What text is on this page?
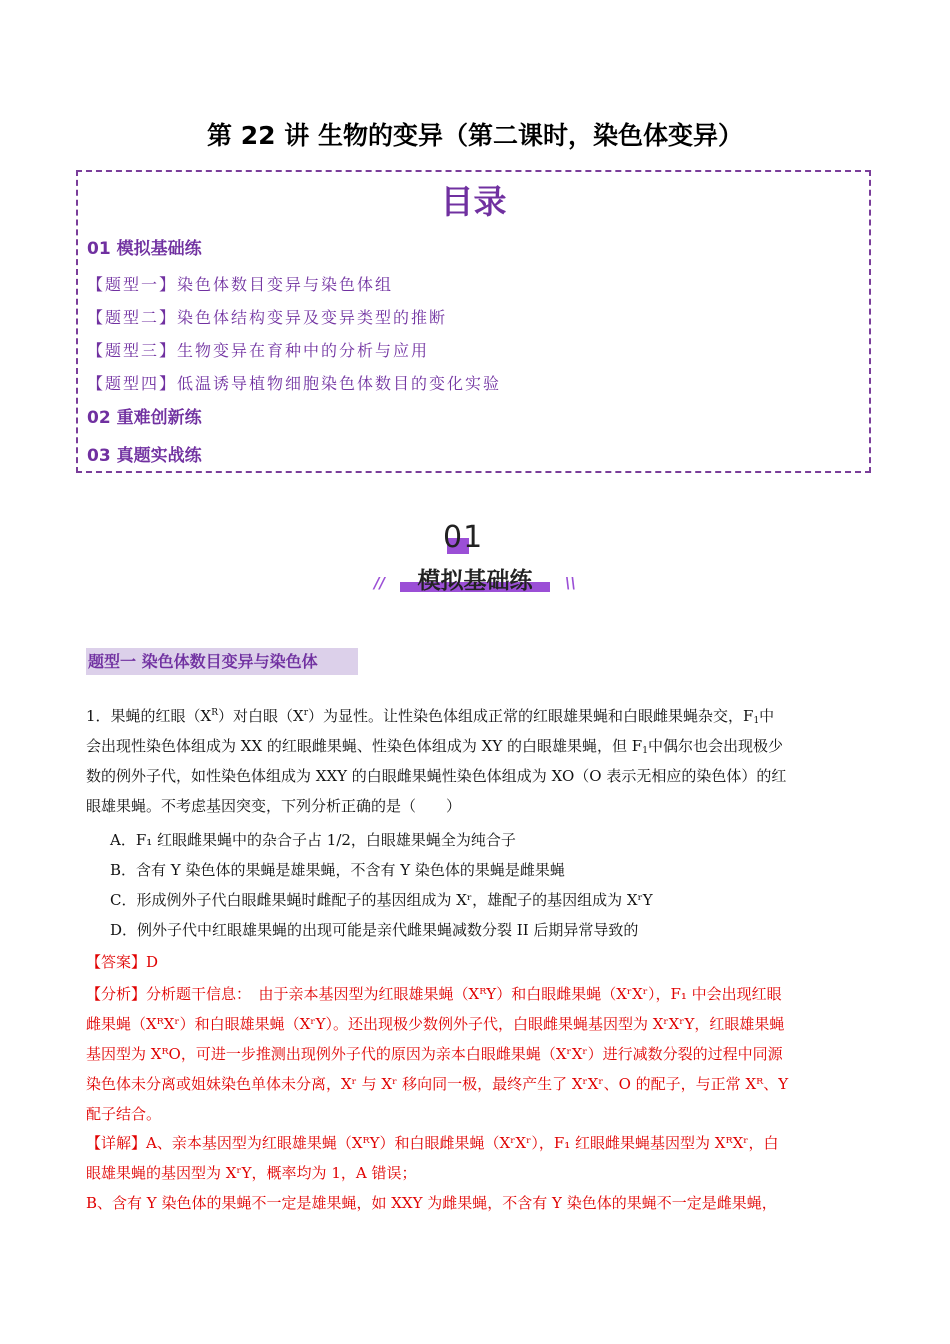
第 22 讲 生物的变异（第二课时，染色体变异）
目录
01 模拟基础练
【题型一】染色体数目变异与染色体组
【题型二】染色体结构变异及变异类型的推断
【题型三】生物变异在育种中的分析与应用
【题型四】低温诱导植物细胞染色体数目的变化实验
02 重难创新练
03 真题实战练
01
模拟基础练
//	\\
题型一 染色体数目变异与染色体
1．果蝇的红眼$(X^R)$对白眼$(X^r)$为显性。让性染色体组成正常的红眼雄果蝇和白眼雌果蝇杂交，$F_1$中
会出现性染色体组成为 XX 的红眼雌果蝇、性染色体组成为 XY 的白眼雄果蝇，但 $F_1$中偶尔也会出现极少
数的例外子代，如性染色体组成为 XXY 的白眼雌果蝇性染色体组成为 XO（O 表示无相应的染色体）的红
眼雄果蝇。不考虑基因突变，下列分析正确的是（　　）
A．F₁ 红眼雌果蝇中的杂合子占 1/2，白眼雄果蝇全为纯合子
B．含有 Y 染色体的果蝇是雄果蝇，不含有 Y 染色体的果蝇是雌果蝇
C．形成例外子代白眼雌果蝇时雌配子的基因组成为 Xʳ，雄配子的基因组成为 XʳY
D．例外子代中红眼雄果蝇的出现可能是亲代雌果蝇减数分裂 II 后期异常导致的
【答案】D
【分析】分析题干信息：　由于亲本基因型为红眼雄果蝇（XᴿY）和白眼雌果蝇（XʳXʳ），F₁ 中会出现红眼
雌果蝇（XᴿXʳ）和白眼雄果蝇（XʳY）。还出现极少数例外子代，白眼雌果蝇基因型为 XʳXʳY，红眼雄果蝇
基因型为 XᴿO，可进一步推测出现例外子代的原因为亲本白眼雌果蝇（XʳXʳ）进行减数分裂的过程中同源
染色体未分离或姐妹染色单体未分离，Xʳ 与 Xʳ 移向同一极，最终产生了 XʳXʳ、O 的配子，与正常 Xᴿ、Y
配子结合。
【详解】A、亲本基因型为红眼雄果蝇（XᴿY）和白眼雌果蝇（XʳXʳ），F₁ 红眼雌果蝇基因型为 XᴿXʳ，白
眼雄果蝇的基因型为 XʳY，概率均为 1，A 错误；
B、含有 Y 染色体的果蝇不一定是雄果蝇，如 XXY 为雌果蝇，不含有 Y 染色体的果蝇不一定是雌果蝇，
